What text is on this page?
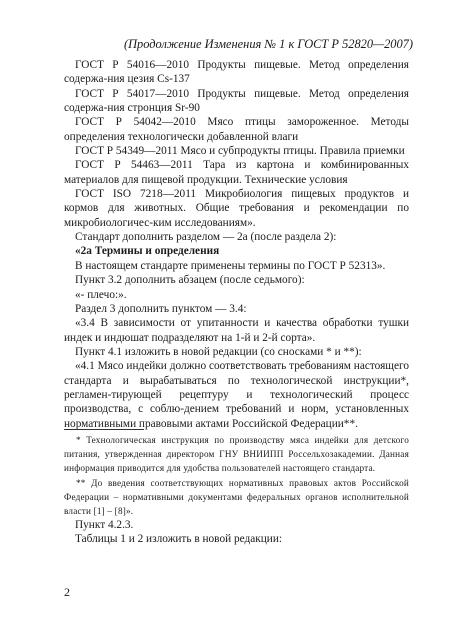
(Продолжение Изменения № 1 к ГОСТ Р 52820—2007)

ГОСТ Р 54016—2010 Продукты пищевые. Метод определения содержа-ния цезия Cs-137

ГОСТ Р 54017—2010 Продукты пищевые. Метод определения содержа-ния стронция Sr-90

ГОСТ Р 54042—2010 Мясо птицы замороженное. Методы определения технологически добавленной влаги

ГОСТ Р 54349—2011 Мясо и субпродукты птицы. Правила приемки

ГОСТ Р 54463—2011 Тара из картона и комбинированных материалов для пищевой продукции. Технические условия

ГОСТ ISO 7218—2011 Микробиология пищевых продуктов и кормов для животных. Общие требования и рекомендации по микробиологичес-ким исследованиям».

Стандарт дополнить разделом — 2а (после раздела 2):

«2а Термины и определения

В настоящем стандарте применены термины по ГОСТ Р 52313».

Пункт 3.2 дополнить абзацем (после седьмого):

«- плечо:».

Раздел 3 дополнить пунктом — 3.4:

«3.4 В зависимости от упитанности и качества обработки тушки индек и индюшат подразделяют на 1-й и 2-й сорта».

Пункт 4.1 изложить в новой редакции (со сносками * и **):

«4.1 Мясо индейки должно соответствовать требованиям настоящего стандарта и вырабатываться по технологической инструкции*, регламен-тирующей рецептуру и технологический процесс производства, с соблю-дением требований и норм, установленных нормативными правовыми актами Российской Федерации**.

* Технологическая инструкция по производству мяса индейки для детского питания, утвержденная директором ГНУ ВНИИПП Россельхозакадемии. Данная информация приводится для удобства пользователей настоящего стандарта.

** До введения соответствующих нормативных правовых актов Российской Федерации – нормативными документами федеральных органов исполнительной власти [1] – [8]».

Пункт 4.2.3.

Таблицы 1 и 2 изложить в новой редакции:

2
